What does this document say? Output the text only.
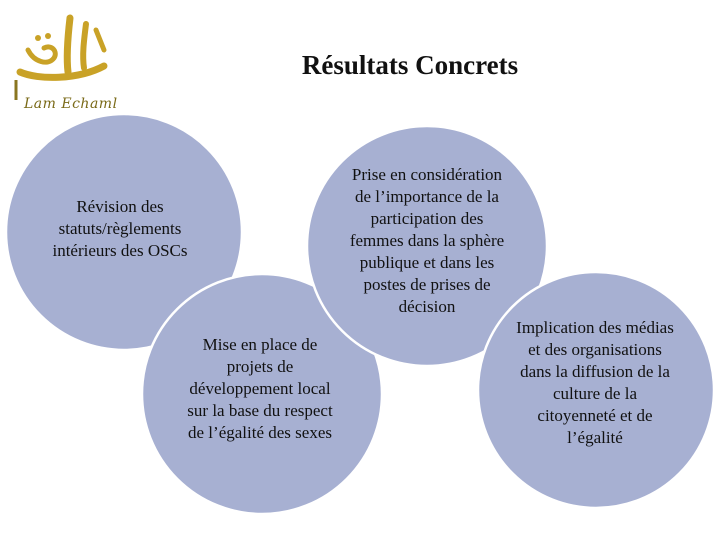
Lam Echaml
Résultats Concrets
Révision des statuts/règlements intérieurs des OSCs
Mise en place de projets de développement local sur la base du respect de l’égalité des sexes
Prise en considération de l’importance de la participation des femmes dans la sphère publique et dans les postes de prises de décision
Implication des médias et des organisations dans la diffusion de la culture de la citoyenneté et de l’égalité
